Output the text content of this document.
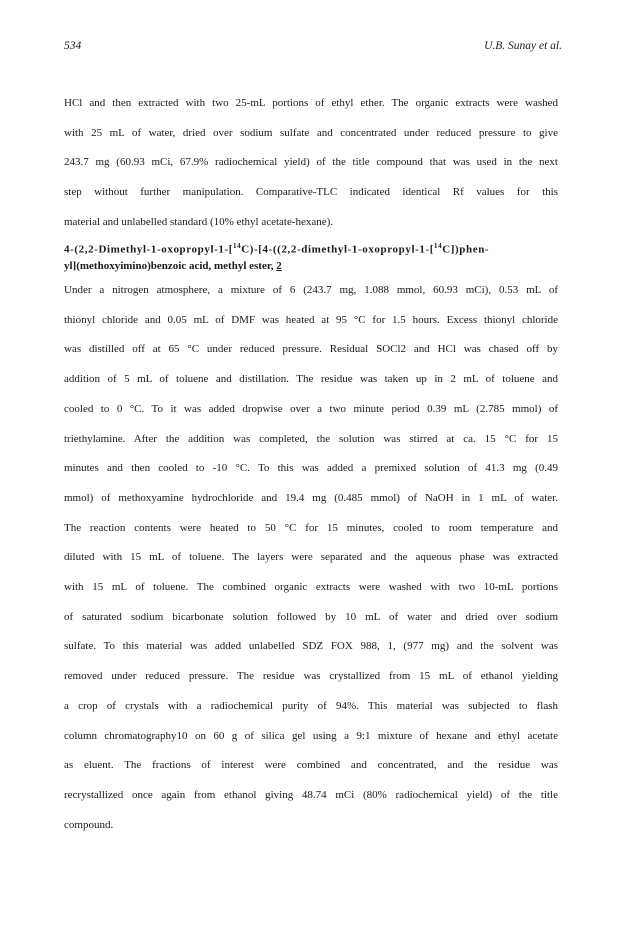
534	U.B. Sunay et al.
HCl and then extracted with two 25-mL portions of ethyl ether. The organic extracts were washed
with 25 mL of water, dried over sodium sulfate and concentrated under reduced pressure to give
243.7 mg (60.93 mCi, 67.9% radiochemical yield) of the title compound that was used in the next
step without further manipulation. Comparative-TLC indicated identical Rf values for this
material and unlabelled standard (10% ethyl acetate-hexane).
4-(2,2-Dimethyl-1-oxopropyl-1-[$^{14}$C)-[4-((2,2-dimethyl-1-oxopropyl-1-[$^{14}$C])phen-
yl](methoxyimino)benzoic acid, methyl ester, 2
Under a nitrogen atmosphere, a mixture of 6 (243.7 mg, 1.088 mmol, 60.93 mCi), 0.53 mL of
thionyl chloride and 0.05 mL of DMF was heated at 95 °C for 1.5 hours. Excess thionyl chloride
was distilled off at 65 °C under reduced pressure. Residual SOCl2 and HCl was chased off by
addition of 5 mL of toluene and distillation. The residue was taken up in 2 mL of toluene and
cooled to 0 °C. To it was added dropwise over a two minute period 0.39 mL (2.785 mmol) of
triethylamine. After the addition was completed, the solution was stirred at ca. 15 °C for 15
minutes and then cooled to -10 °C. To this was added a premixed solution of 41.3 mg (0.49
mmol) of methoxyamine hydrochloride and 19.4 mg (0.485 mmol) of NaOH in 1 mL of water.
The reaction contents were heated to 50 °C for 15 minutes, cooled to room temperature and
diluted with 15 mL of toluene. The layers were separated and the aqueous phase was extracted
with 15 mL of toluene. The combined organic extracts were washed with two 10-mL portions
of saturated sodium bicarbonate solution followed by 10 mL of water and dried over sodium
sulfate. To this material was added unlabelled SDZ FOX 988, 1, (977 mg) and the solvent was
removed under reduced pressure. The residue was crystallized from 15 mL of ethanol yielding
a crop of crystals with a radiochemical purity of 94%. This material was subjected to flash
column chromatography10 on 60 g of silica gel using a 9:1 mixture of hexane and ethyl acetate
as eluent. The fractions of interest were combined and concentrated, and the residue was
recrystallized once again from ethanol giving 48.74 mCi (80% radiochemical yield) of the title
compound.
